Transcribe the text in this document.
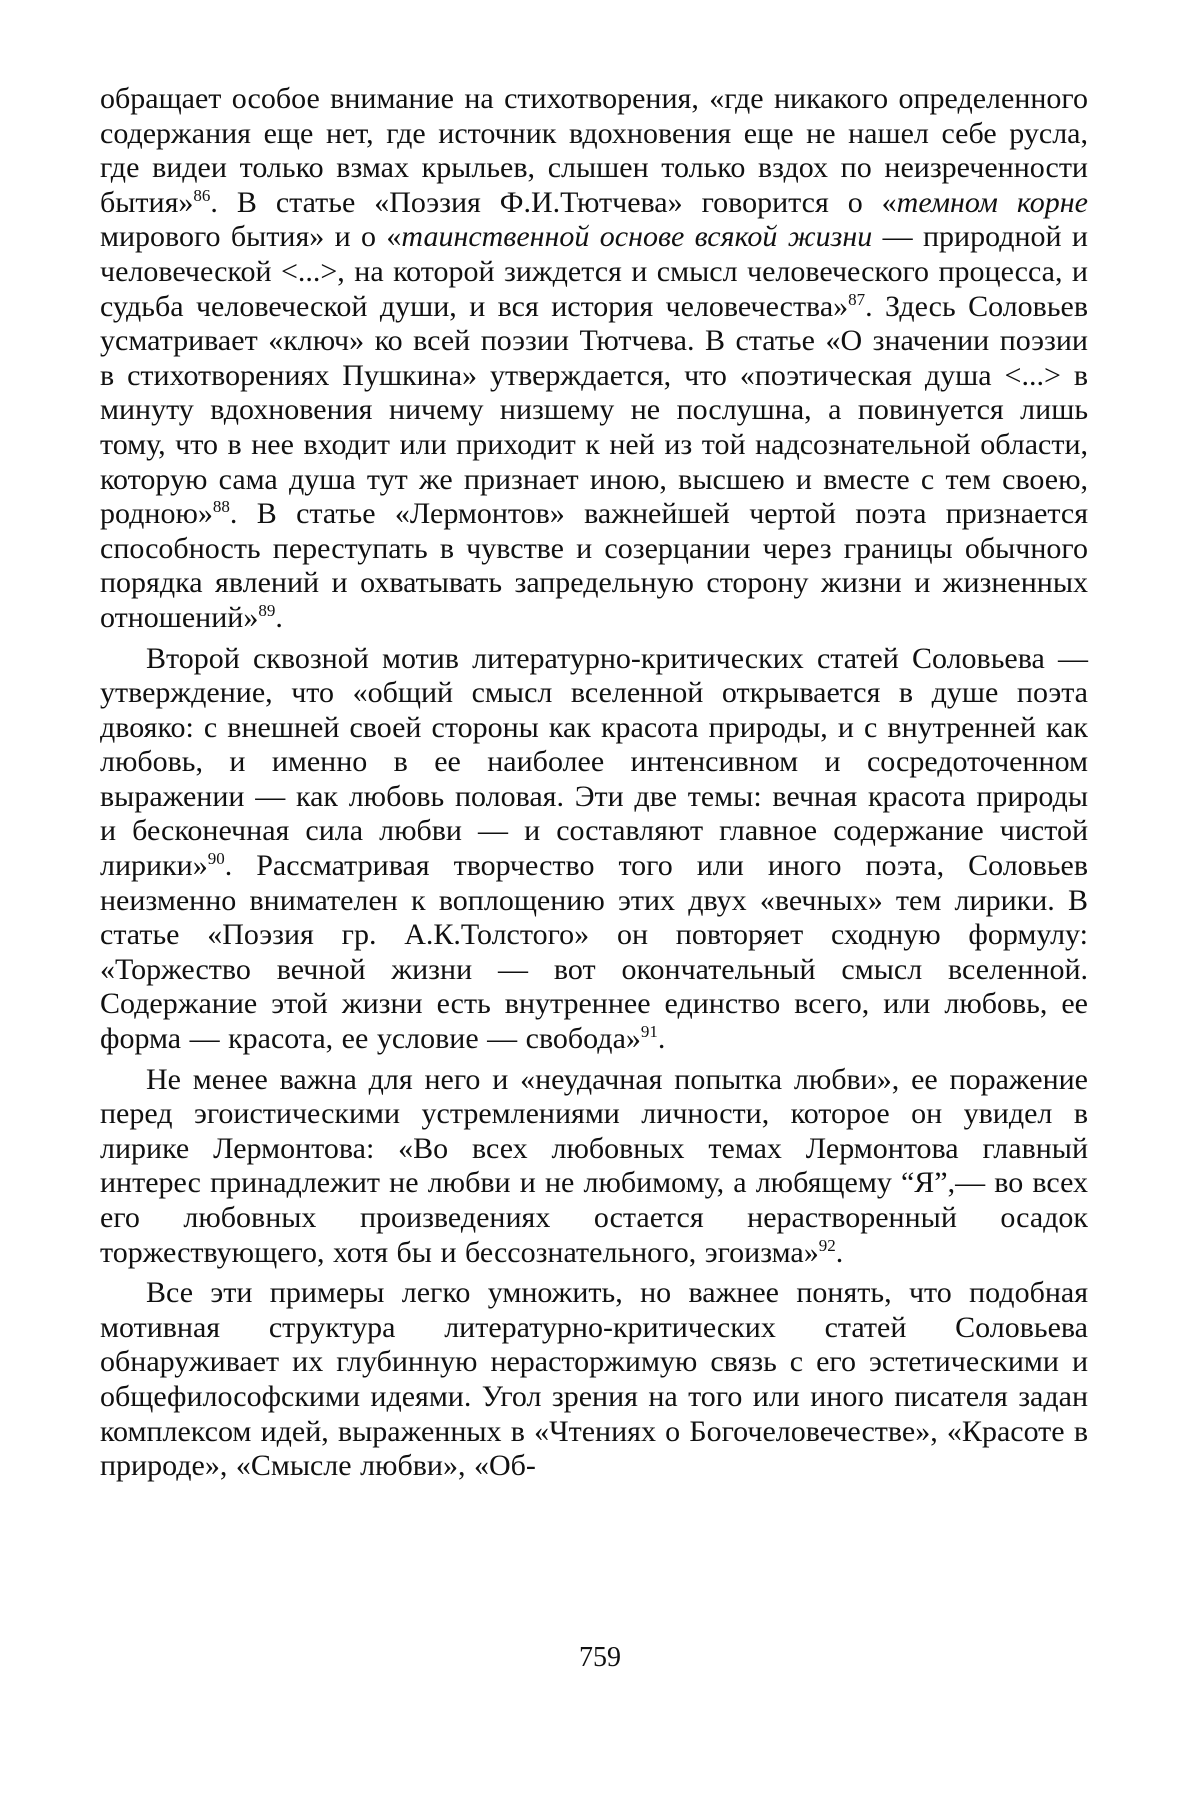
обращает особое внимание на стихотворения, «где никакого определенного содержания еще нет, где источник вдохновения еще не нашел себе русла, где видеи только взмах крыльев, слышен только вздох по неизреченности бытия»$^{86}$. В статье «Поэзия Ф.И.Тютчева» говорится о «темном корне мирового бытия» и о «таинственной основе всякой жизни — природной и человеческой <...>, на которой зиждется и смысл человеческого процесса, и судьба человеческой души, и вся история человечества»$^{87}$. Здесь Соловьев усматривает «ключ» ко всей поэзии Тютчева. В статье «О значении поэзии в стихотворениях Пушкина» утверждается, что «поэтическая душа <...> в минуту вдохновения ничему низшему не послушна, а повинуется лишь тому, что в нее входит или приходит к ней из той надсознательной области, которую сама душа тут же признает иною, высшею и вместе с тем своею, родною»$^{88}$. В статье «Лермонтов» важнейшей чертой поэта признается способность переступать в чувстве и созерцании через границы обычного порядка явлений и охватывать запредельную сторону жизни и жизненных отношений»$^{89}$.

Второй сквозной мотив литературно-критических статей Соловьева — утверждение, что «общий смысл вселенной открывается в душе поэта двояко: с внешней своей стороны как красота природы, и с внутренней как любовь, и именно в ее наиболее интенсивном и сосредоточенном выражении — как любовь половая. Эти две темы: вечная красота природы и бесконечная сила любви — и составляют главное содержание чистой лирики»$^{90}$. Рассматривая творчество того или иного поэта, Соловьев неизменно внимателен к воплощению этих двух «вечных» тем лирики. В статье «Поэзия гр. А.К.Толстого» он повторяет сходную формулу: «Торжество вечной жизни — вот окончательный смысл вселенной. Содержание этой жизни есть внутреннее единство всего, или любовь, ее форма — красота, ее условие — свобода»$^{91}$.

Не менее важна для него и «неудачная попытка любви», ее поражение перед эгоистическими устремлениями личности, которое он увидел в лирике Лермонтова: «Во всех любовных темах Лермонтова главный интерес принадлежит не любви и не любимому, а любящему “Я”,— во всех его любовных произведениях остается нерастворенный осадок торжествующего, хотя бы и бессознательного, эгоизма»$^{92}$.

Все эти примеры легко умножить, но важнее понять, что подобная мотивная структура литературно-критических статей Соловьева обнаруживает их глубинную нерасторжимую связь с его эстетическими и общефилософскими идеями. Угол зрения на того или иного писателя задан комплексом идей, выраженных в «Чтениях о Богочеловечестве», «Красоте в природе», «Смысле любви», «Об-

759
